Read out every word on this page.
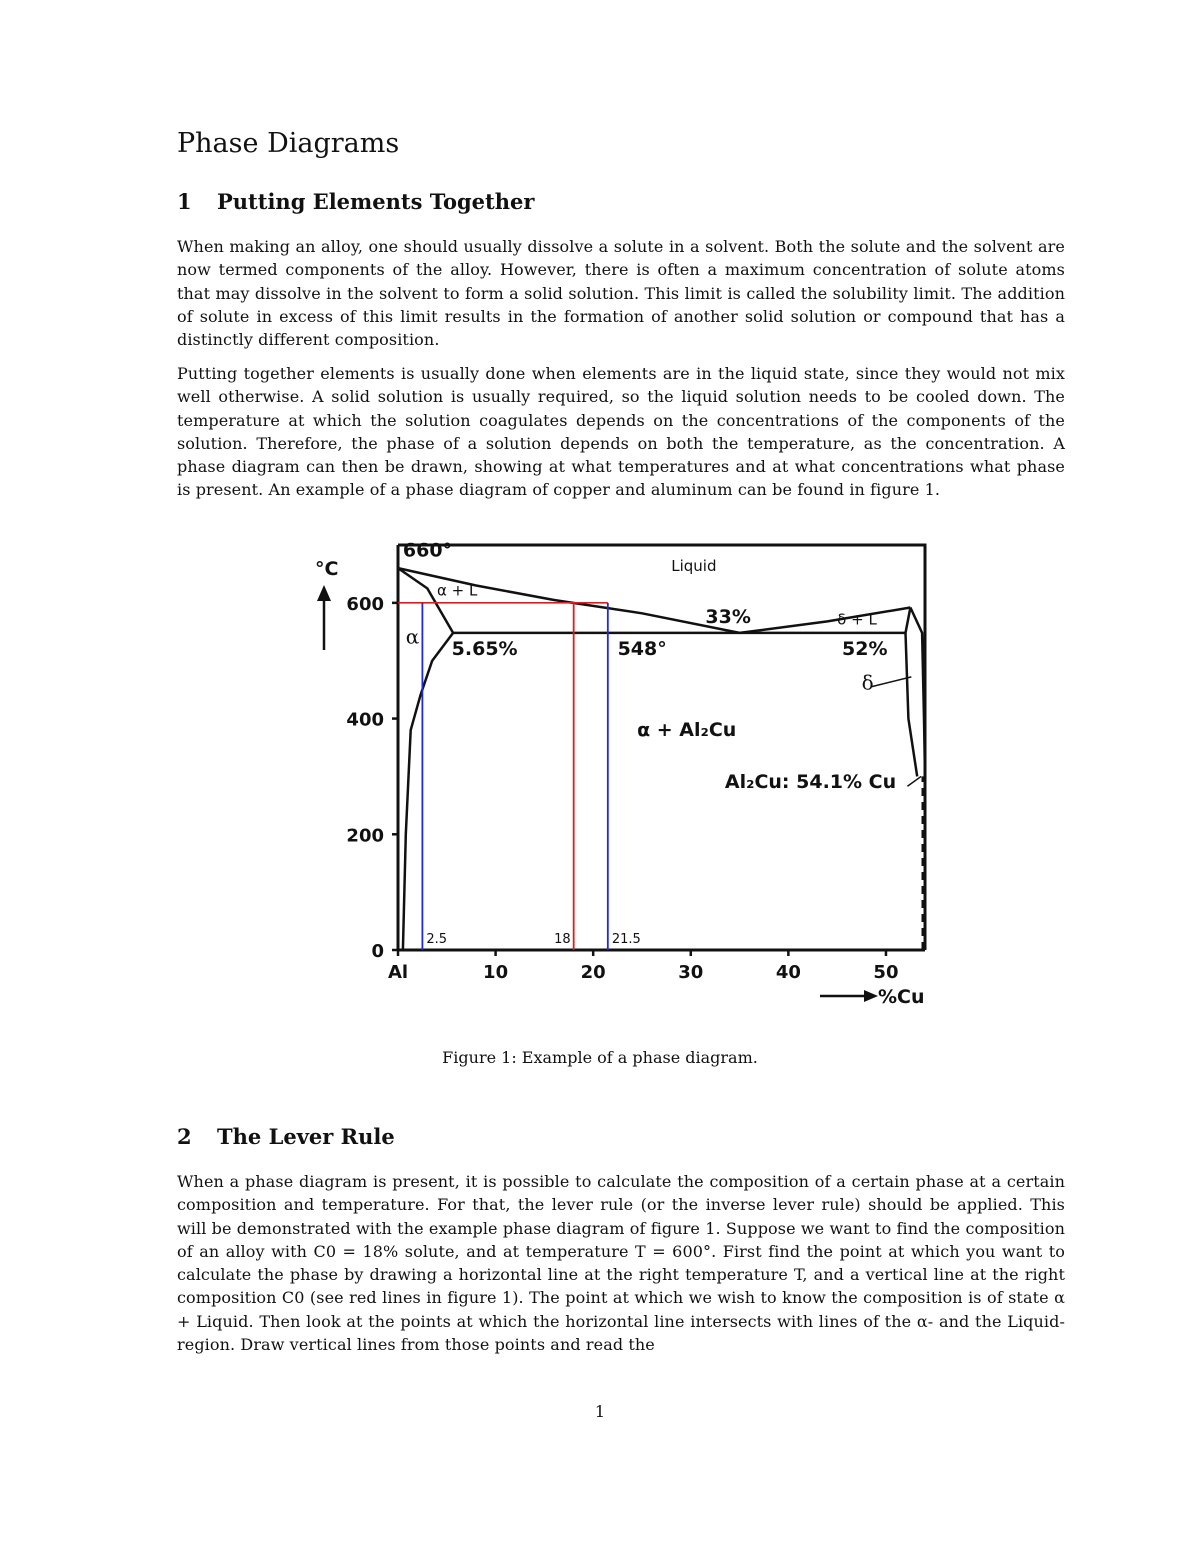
Phase Diagrams
1 Putting Elements Together

When making an alloy, one should usually dissolve a solute in a solvent. Both the solute and the solvent are now termed components of the alloy. However, there is often a maximum concentration of solute atoms that may dissolve in the solvent to form a solid solution. This limit is called the solubility limit. The addition of solute in excess of this limit results in the formation of another solid solution or compound that has a distinctly different composition.

Putting together elements is usually done when elements are in the liquid state, since they would not mix well otherwise. A solid solution is usually required, so the liquid solution needs to be cooled down. The temperature at which the solution coagulates depends on the concentrations of the components of the solution. Therefore, the phase of a solution depends on both the temperature, as the concentration. A phase diagram can then be drawn, showing at what temperatures and at what concentrations what phase is present. An example of a phase diagram of copper and aluminum can be found in figure 1.

2.5	18	21.5
0
200
400
600
Al	10	20	30	40	50
°C
%Cu
660°
Liquid
α + L
33%	δ + L
α
5.65%	548°	52%
δ
α + Al₂Cu
Al₂Cu: 54.1% Cu
Figure 1: Example of a phase diagram.
2 The Lever Rule

When a phase diagram is present, it is possible to calculate the composition of a certain phase at a certain composition and temperature. For that, the lever rule (or the inverse lever rule) should be applied. This will be demonstrated with the example phase diagram of figure 1. Suppose we want to find the composition of an alloy with C0 = 18% solute, and at temperature T = 600°. First find the point at which you want to calculate the phase by drawing a horizontal line at the right temperature T, and a vertical line at the right composition C0 (see red lines in figure 1). The point at which we wish to know the composition is of state α + Liquid. Then look at the points at which the horizontal line intersects with lines of the α- and the Liquid-region. Draw vertical lines from those points and read the

1
